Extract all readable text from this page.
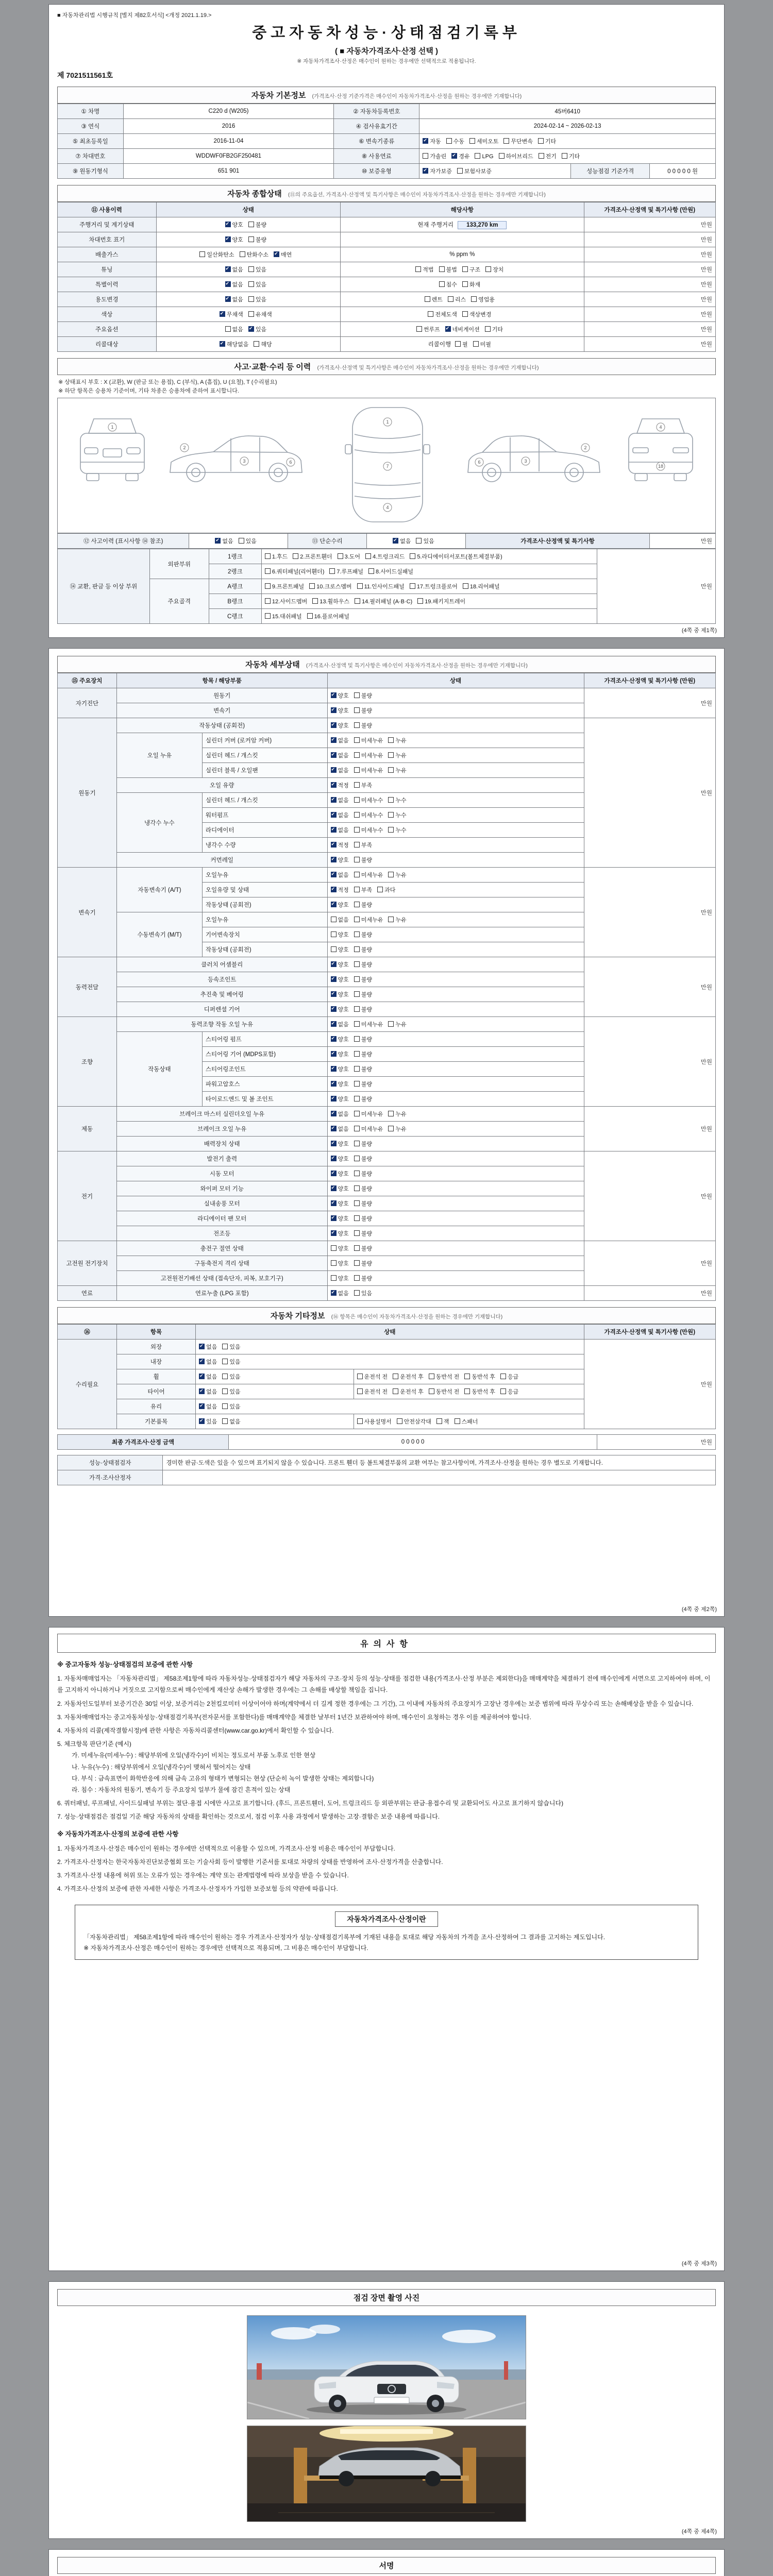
■ 자동차관리법 시행규칙 [별지 제82호서식] <개정 2021.1.19.>
중고자동차성능·상태점검기록부
( ■ 자동차가격조사·산정 선택 )
※ 자동차가격조사·산정은 매수인이 원하는 경우에만 선택적으로 적용됩니다.
제 7021511561호
자동차 기본정보 (가격조사·산정 기준가격은 매수인이 자동차가격조사·산정을 원하는 경우에만 기재합니다)
① 차명	C220 d (W205)	② 자동차등록번호	45버6410		
③ 연식	2016	④ 검사유효기간	2024-02-14 ~ 2026-02-13		
⑤ 최초등록일	2016-11-04	⑥ 변속기종류	✔자동 수동 세미오토 무단변속 기타
⑦ 차대번호	WDDWF0FB2GF250481	⑧ 사용연료	가솔린 ✔ 경유 LPG 하이브리드 전기 기타
⑨ 원동기형식	651 901	⑩ 보증유형	✔자가보증 보험사보증	성능점검 기준가격	0 0 0 0 0 원
자동차 종합상태 (⑪의 주요옵션, 가격조사·산정액 및 특기사항은 매수인이 자동차가격조사·산정을 원하는 경우에만 기재합니다)
⑪ 사용이력	상태	해당사항	가격조사·산정액 및 특기사항 (만원)
주행거리 및 계기상태	✔양호 불량	현재 주행거리 133,270 km	만원
차대번호 표기	✔양호 불량		만원
배출가스	일산화탄소 탄화수소 ✔ 매연	% ppm %	만원
튜닝	✔없음 있음	적법 불법 구조 장치	만원
특별이력	✔없음 있음	침수 화재	만원
용도변경	✔없음 있음	렌트 리스 영업용	만원
색상	✔무채색 유채색	전체도색 색상변경	만원
주요옵션	없음 ✔ 있음	썬루프 ✔ 네비게이션 기타	만원
리콜대상	✔해당없음 해당	리콜이행 필 미필	만원
사고·교환·수리 등 이력 (가격조사·산정액 및 특기사항은 매수인이 자동차가격조사·산정을 원하는 경우에만 기재합니다)
※ 상태표시 부호 : X (교환), W (판금 또는 용접), C (부식), A (흠집), U (요철), T (수리필요)
※ 하단 항목은 승용차 기준이며, 기타 차종은 승용차에 준하여 표시합니다.
1
2
3	6
1
7
4
2
3
6
4
18
⑫ 사고이력 (표시사항 ⑭ 참조)	✔없음 있음	⑬ 단순수리	✔없음 있음	가격조사·산정액 및 특기사항	만원
⑭ 교환, 판금 등 이상 부위	외판부위	1랭크	1.후드 2.프론트휀더 3.도어 4.트렁크리드 5.라디에이터서포트(볼트체결부품)	만원
		2랭크	6.쿼터패널(리어휀더) 7.루프패널 8.사이드실패널	
	주요골격	A랭크	9.프론트패널 10.크로스멤버 11.인사이드패널 17.트렁크플로어 18.리어패널	
		B랭크	12.사이드멤버 13.휠하우스 14.필러패널 (A·B·C) 19.패키지트레이	
		C랭크	15.대쉬패널 16.플로어패널	
(4쪽 중 제1쪽)
자동차 세부상태 (가격조사·산정액 및 특기사항은 매수인이 자동차가격조사·산정을 원하는 경우에만 기재합니다)
⑮ 주요장치	항목 / 해당부품		상태	가격조사·산정액 및 특기사항 (만원)
자기진단	원동기	✔양호 불량	만원
	변속기	✔양호 불량
원동기	작동상태 (공회전)	✔양호 불량	만원
	오일 누유	실린더 커버 (로커암 커버)	✔없음 미세누유 누유
		실린더 헤드 / 개스킷	✔없음 미세누유 누유
		실린더 블록 / 오일팬	✔없음 미세누유 누유
	오일 유량	✔적정 부족
	냉각수 누수	실린더 헤드 / 개스킷	✔없음 미세누수 누수
		워터펌프	✔없음 미세누수 누수
		라디에이터	✔없음 미세누수 누수
		냉각수 수량	✔적정 부족
	커먼레일	✔양호 불량
변속기	자동변속기 (A/T)	오일누유	✔없음 미세누유 누유	만원
		오일유량 및 상태	✔적정 부족 과다
		작동상태 (공회전)	✔양호 불량
	수동변속기 (M/T)	오일누유	없음 미세누유 누유	
		기어변속장치	양호 불량	
		작동상태 (공회전)	양호 불량	
동력전달	클러치 어셈블리	✔양호 불량	만원
	등속조인트	✔양호 불량
	추진축 및 베어링	✔양호 불량
	디퍼렌셜 기어	✔양호 불량
조향	동력조향 작동 오일 누유	✔없음 미세누유 누유	만원
	작동상태	스티어링 펌프	✔양호 불량
		스티어링 기어 (MDPS포함)	✔양호 불량
		스티어링조인트	✔양호 불량
		파워고압호스	✔양호 불량
		타이로드엔드 및 볼 조인트	✔양호 불량
제동	브레이크 마스터 실린더오일 누유	✔없음 미세누유 누유	만원
	브레이크 오일 누유	✔없음 미세누유 누유
	배력장치 상태	✔양호 불량
전기	발전기 출력	✔양호 불량	만원
	시동 모터	✔양호 불량
	와이퍼 모터 기능	✔양호 불량
	실내송풍 모터	✔양호 불량
	라디에이터 팬 모터	✔양호 불량
	전조등	✔양호 불량
고전원 전기장치	충전구 절연 상태		양호 불량	만원
	구동축전지 격리 상태		양호 불량	
	고전원전기배선 상태 (접속단자, 피복, 보호기구)		양호 불량	
연료	연료누출 (LPG 포함)	✔없음 있음	만원
자동차 기타정보 (⑯ 항목은 매수인이 자동차가격조사·산정을 원하는 경우에만 기재합니다)
⑯	항목	상태		가격조사·산정액 및 특기사항 (만원)
수리필요	외장	✔없음 있음		만원
	내장	✔없음 있음
	휠	✔없음 있음	운전석 전 운전석 후 동반석 전 동반석 후 응급	
	타이어	✔없음 있음	운전석 전 운전석 후 동반석 전 동반석 후 응급	
	유리	✔없음 있음
	기본품목	✔있음 없음	사용설명서 안전삼각대 잭 스패너	
최종 가격조사·산정 금액	0 0 0 0 0	만원
성능·상태점검자	경미한 판금·도색은 있을 수 있으며 표기되지 않을 수 있습니다. 프론트 휀더 등 볼트체결부품의 교환 여부는 참고사항이며, 가격조사·산정을 원하는 경우 별도로 기재합니다.
가격·조사산정자	
(4쪽 중 제2쪽)
유의사항
※ 중고자동차 성능·상태점검의 보증에 관한 사항
1. 자동차매매업자는 「자동차관리법」 제58조제1항에 따라 자동차성능·상태점검자가 해당 자동차의 구조·장치 등의 성능·상태를 점검한 내용(가격조사·산정 부분은 제외한다)을 매매계약을 체결하기 전에 매수인에게 서면으로 고지하여야 하며, 이를 고지하지 아니하거나 거짓으로 고지함으로써 매수인에게 재산상 손해가 발생한 경우에는 그 손해를 배상할 책임을 집니다.
2. 자동차인도일부터 보증기간은 30일 이상, 보증거리는 2천킬로미터 이상이어야 하며(계약에서 더 길게 정한 경우에는 그 기간), 그 이내에 자동차의 주요장치가 고장난 경우에는 보증 범위에 따라 무상수리 또는 손해배상을 받을 수 있습니다.
3. 자동차매매업자는 중고자동차성능·상태점검기록부(전자문서를 포함한다)를 매매계약을 체결한 날부터 1년간 보관하여야 하며, 매수인이 요청하는 경우 이를 제공하여야 합니다.
4. 자동차의 리콜(제작결함시정)에 관한 사항은 자동차리콜센터(www.car.go.kr)에서 확인할 수 있습니다.
5. 체크항목 판단기준 (예시)
가. 미세누유(미세누수) : 해당부위에 오일(냉각수)이 비치는 정도로서 부품 노후로 인한 현상
나. 누유(누수) : 해당부위에서 오일(냉각수)이 맺혀서 떨어지는 상태
다. 부식 : 금속표면이 화학반응에 의해 금속 고유의 형태가 변형되는 현상 (단순히 녹이 발생한 상태는 제외합니다)
라. 침수 : 자동차의 원동기, 변속기 등 주요장치 일부가 물에 잠긴 흔적이 있는 상태
6. 쿼터패널, 루프패널, 사이드실패널 부위는 절단·용접 시에만 사고로 표기합니다. (후드, 프론트휀더, 도어, 트렁크리드 등 외판부위는 판금·용접수리 및 교환되어도 사고로 표기하지 않습니다)
7. 성능·상태점검은 점검일 기준 해당 자동차의 상태를 확인하는 것으로서, 점검 이후 사용 과정에서 발생하는 고장·결함은 보증 내용에 따릅니다.
※ 자동차가격조사·산정의 보증에 관한 사항
1. 자동차가격조사·산정은 매수인이 원하는 경우에만 선택적으로 이용할 수 있으며, 가격조사·산정 비용은 매수인이 부담합니다.
2. 가격조사·산정자는 한국자동차진단보증협회 또는 기술사회 등이 발행한 기준서를 토대로 차량의 상태를 반영하여 조사·산정가격을 산출합니다.
3. 가격조사·산정 내용에 허위 또는 오류가 있는 경우에는 계약 또는 관계법령에 따라 보상을 받을 수 있습니다.
4. 가격조사·산정의 보증에 관한 자세한 사항은 가격조사·산정자가 가입한 보증보험 등의 약관에 따릅니다.
자동차가격조사·산정이란
「자동차관리법」 제58조제1항에 따라 매수인이 원하는 경우 가격조사·산정자가 성능·상태점검기록부에 기재된 내용을 토대로 해당 자동차의 가격을 조사·산정하여 그 결과를 고지하는 제도입니다.
※ 자동차가격조사·산정은 매수인이 원하는 경우에만 선택적으로 적용되며, 그 비용은 매수인이 부담합니다.
(4쪽 중 제3쪽)
점검 장면 촬영 사진
(4쪽 중 제4쪽)
서명
